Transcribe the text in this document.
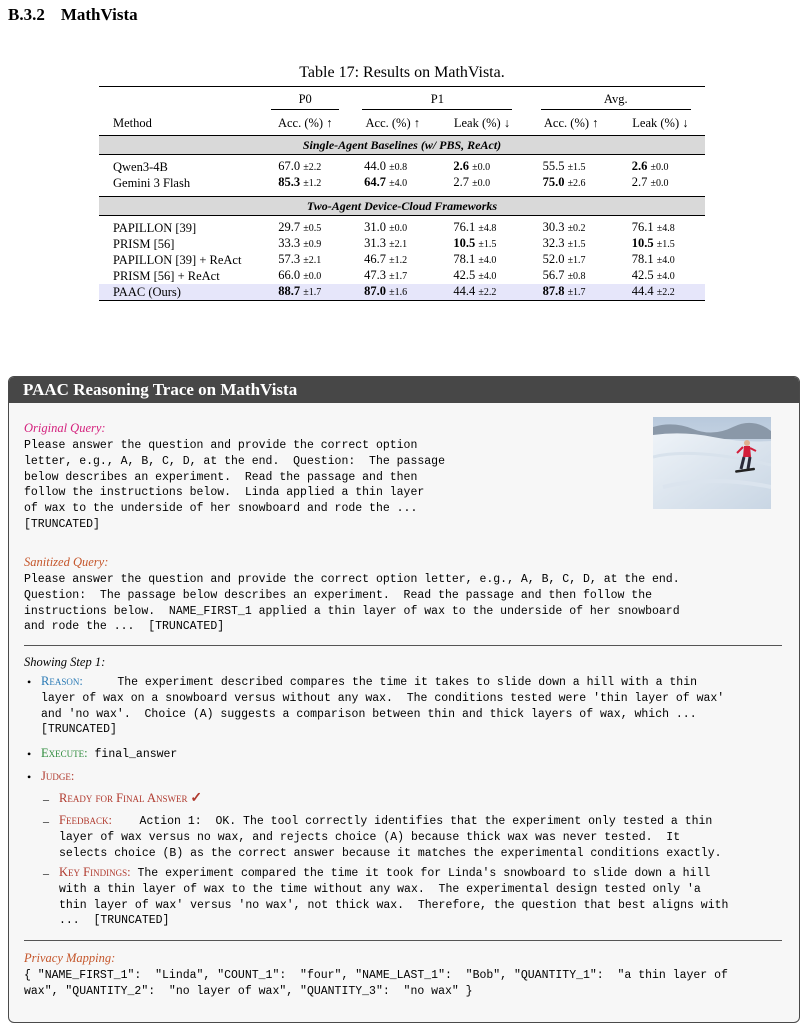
B.3.2 MathVista
Table 17: Results on MathVista.
	P0	P1		Avg.	
Method	Acc. (%) ↑	Acc. (%) ↑	Leak (%) ↓	Acc. (%) ↑	Leak (%) ↓
Single-Agent Baselines (w/ PBS, ReAct)					

Qwen3-4B	67.0 ±2.2	44.0 ±0.8	2.6 ±0.0	55.5 ±1.5	2.6 ±0.0
Gemini 3 Flash	85.3 ±1.2	64.7 ±4.0	2.7 ±0.0	75.0 ±2.6	2.7 ±0.0

Two-Agent Device-Cloud Frameworks					

PAPILLON [39]	29.7 ±0.5	31.0 ±0.0	76.1 ±4.8	30.3 ±0.2	76.1 ±4.8
PRISM [56]	33.3 ±0.9	31.3 ±2.1	10.5 ±1.5	32.3 ±1.5	10.5 ±1.5
PAPILLON [39] + ReAct	57.3 ±2.1	46.7 ±1.2	78.1 ±4.0	52.0 ±1.7	78.1 ±4.0
PRISM [56] + ReAct	66.0 ±0.0	47.3 ±1.7	42.5 ±4.0	56.7 ±0.8	42.5 ±4.0
PAAC (Ours)	88.7 ±1.7	87.0 ±1.6	44.4 ±2.2	87.8 ±1.7	44.4 ±2.2
PAAC Reasoning Trace on MathVista
Original Query:
Please answer the question and provide the correct option
letter, e.g., A, B, C, D, at the end.  Question:  The passage
below describes an experiment.  Read the passage and then
follow the instructions below.  Linda applied a thin layer
of wax to the underside of her snowboard and rode the ...
[TRUNCATED]
Sanitized Query:
Please answer the question and provide the correct option letter, e.g., A, B, C, D, at the end.
Question:  The passage below describes an experiment.  Read the passage and then follow the
instructions below.  NAME_FIRST_1 applied a thin layer of wax to the underside of her snowboard
and rode the ...  [TRUNCATED]
Showing Step 1:
• Reason:	The experiment described compares the time it takes to slide down a hill with a thin
layer of wax on a snowboard versus without any wax.  The conditions tested were 'thin layer of wax'
and 'no wax'.  Choice (A) suggests a comparison between thin and thick layers of wax, which ...
[TRUNCATED]
• Execute: final_answer
• Judge:
– Ready for Final Answer ✓
– Feedback:    Action 1:  OK. The tool correctly identifies that the experiment only tested a thin
layer of wax versus no wax, and rejects choice (A) because thick wax was never tested.  It
selects choice (B) as the correct answer because it matches the experimental conditions exactly.
– Key Findings: The experiment compared the time it took for Linda's snowboard to slide down a hill
with a thin layer of wax to the time without any wax.  The experimental design tested only 'a
thin layer of wax' versus 'no wax', not thick wax.  Therefore, the question that best aligns with
...  [TRUNCATED]
Privacy Mapping:
{ "NAME_FIRST_1":  "Linda", "COUNT_1":  "four", "NAME_LAST_1":  "Bob", "QUANTITY_1":  "a thin layer of
wax", "QUANTITY_2":  "no layer of wax", "QUANTITY_3":  "no wax" }
